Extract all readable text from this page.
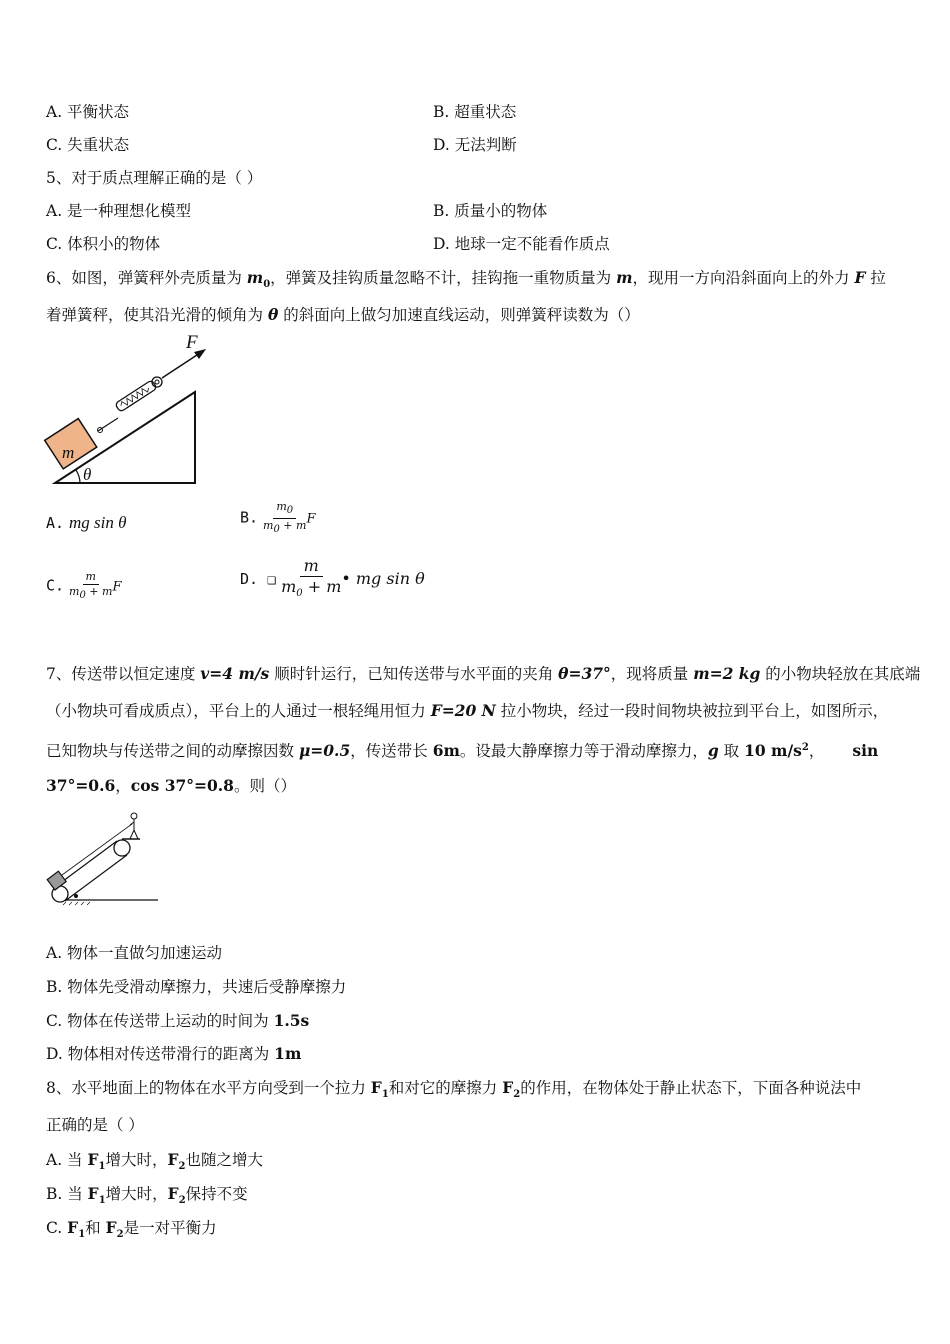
A. 平衡状态	B. 超重状态
C. 失重状态	D. 无法判断
5、对于质点理解正确的是（ ）
A. 是一种理想化模型	B. 质量小的物体
C. 体积小的物体	D. 地球一定不能看作质点
6、如图，弹簧秤外壳质量为 $m_0$，弹簧及挂钩质量忽略不计，挂钩拖一重物质量为 m，现用一方向沿斜面向上的外力 F 拉
着弹簧秤，使其沿光滑的倾角为 θ 的斜面向上做匀加速直线运动，则弹簧秤读数为（）
m
F
θ
A. mg sin θ	B. $\frac{m_0}{m_0 + m}$ F
C. $\frac{m}{m_0 + m}$ F	D. ❑ $\frac{m}{m_0 + m}$ • mg sin θ
7、传送带以恒定速度 v=4 m/s 顺时针运行，已知传送带与水平面的夹角 θ=37°，现将质量 m=2 kg 的小物块轻放在其底端
（小物块可看成质点），平台上的人通过一根轻绳用恒力 F=20 N 拉小物块，经过一段时间物块被拉到平台上，如图所示，
已知物块与传送带之间的动摩擦因数 μ=0.5，传送带长 6m。设最大静摩擦力等于滑动摩擦力，g 取 10 $m/s^2$， sin
37°=0.6，cos 37°=0.8。则（）
A. 物体一直做匀加速运动
B. 物体先受滑动摩擦力，共速后受静摩擦力
C. 物体在传送带上运动的时间为 1.5s
D. 物体相对传送带滑行的距离为 1m
8、水平地面上的物体在水平方向受到一个拉力 $F_1$和对它的摩擦力 $F_2$的作用，在物体处于静止状态下，下面各种说法中
正确的是（ ）
A. 当 $F_1$增大时，$F_2$也随之增大
B. 当 $F_1$增大时，$F_2$保持不变
C. $F_1$和 $F_2$是一对平衡力
